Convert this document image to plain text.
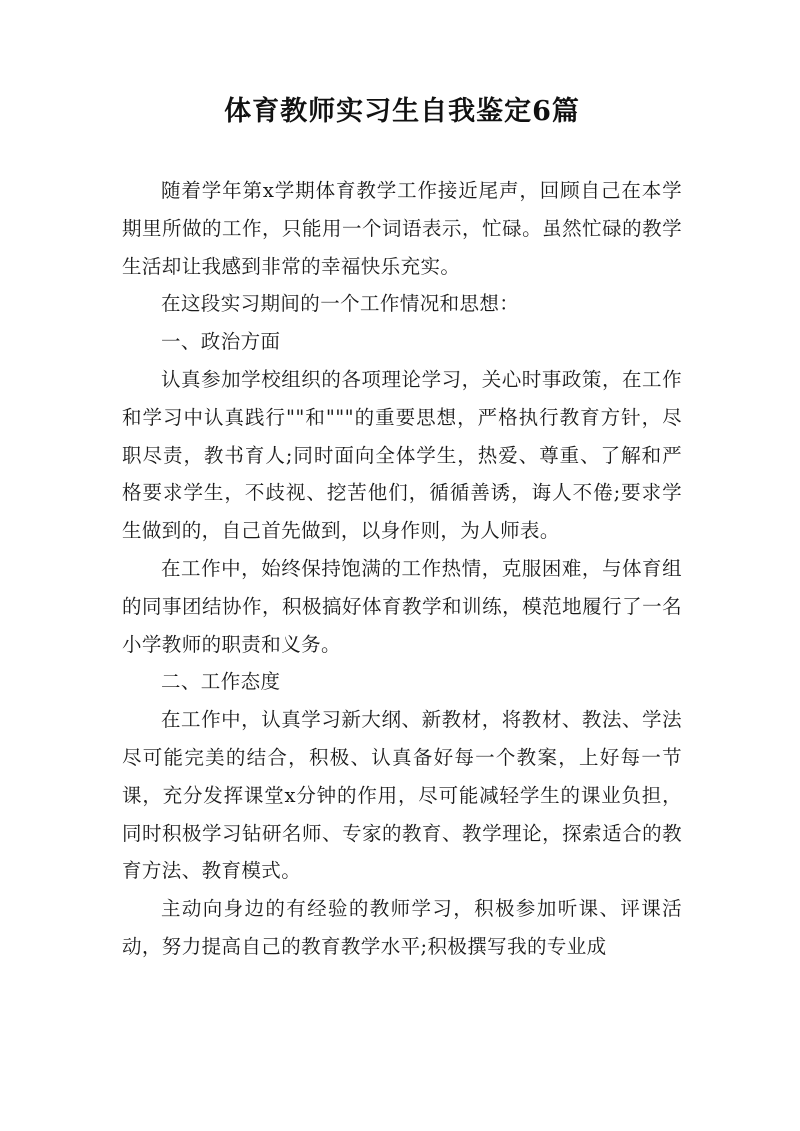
体育教师实习生自我鉴定6篇

随着学年第x学期体育教学工作接近尾声，回顾自己在本学期里所做的工作，只能用一个词语表示，忙碌。虽然忙碌的教学生活却让我感到非常的幸福快乐充实。

在这段实习期间的一个工作情况和思想：

一、政治方面

认真参加学校组织的各项理论学习，关心时事政策，在工作和学习中认真践行""和"""的重要思想，严格执行教育方针，尽职尽责，教书育人;同时面向全体学生，热爱、尊重、了解和严格要求学生，不歧视、挖苦他们，循循善诱，诲人不倦;要求学生做到的，自己首先做到，以身作则，为人师表。

在工作中，始终保持饱满的工作热情，克服困难，与体育组的同事团结协作，积极搞好体育教学和训练，模范地履行了一名小学教师的职责和义务。

二、工作态度

在工作中，认真学习新大纲、新教材，将教材、教法、学法尽可能完美的结合，积极、认真备好每一个教案，上好每一节课，充分发挥课堂x分钟的作用，尽可能减轻学生的课业负担，同时积极学习钻研名师、专家的教育、教学理论，探索适合的教育方法、教育模式。

主动向身边的有经验的教师学习，积极参加听课、评课活动，努力提高自己的教育教学水平;积极撰写我的专业成
